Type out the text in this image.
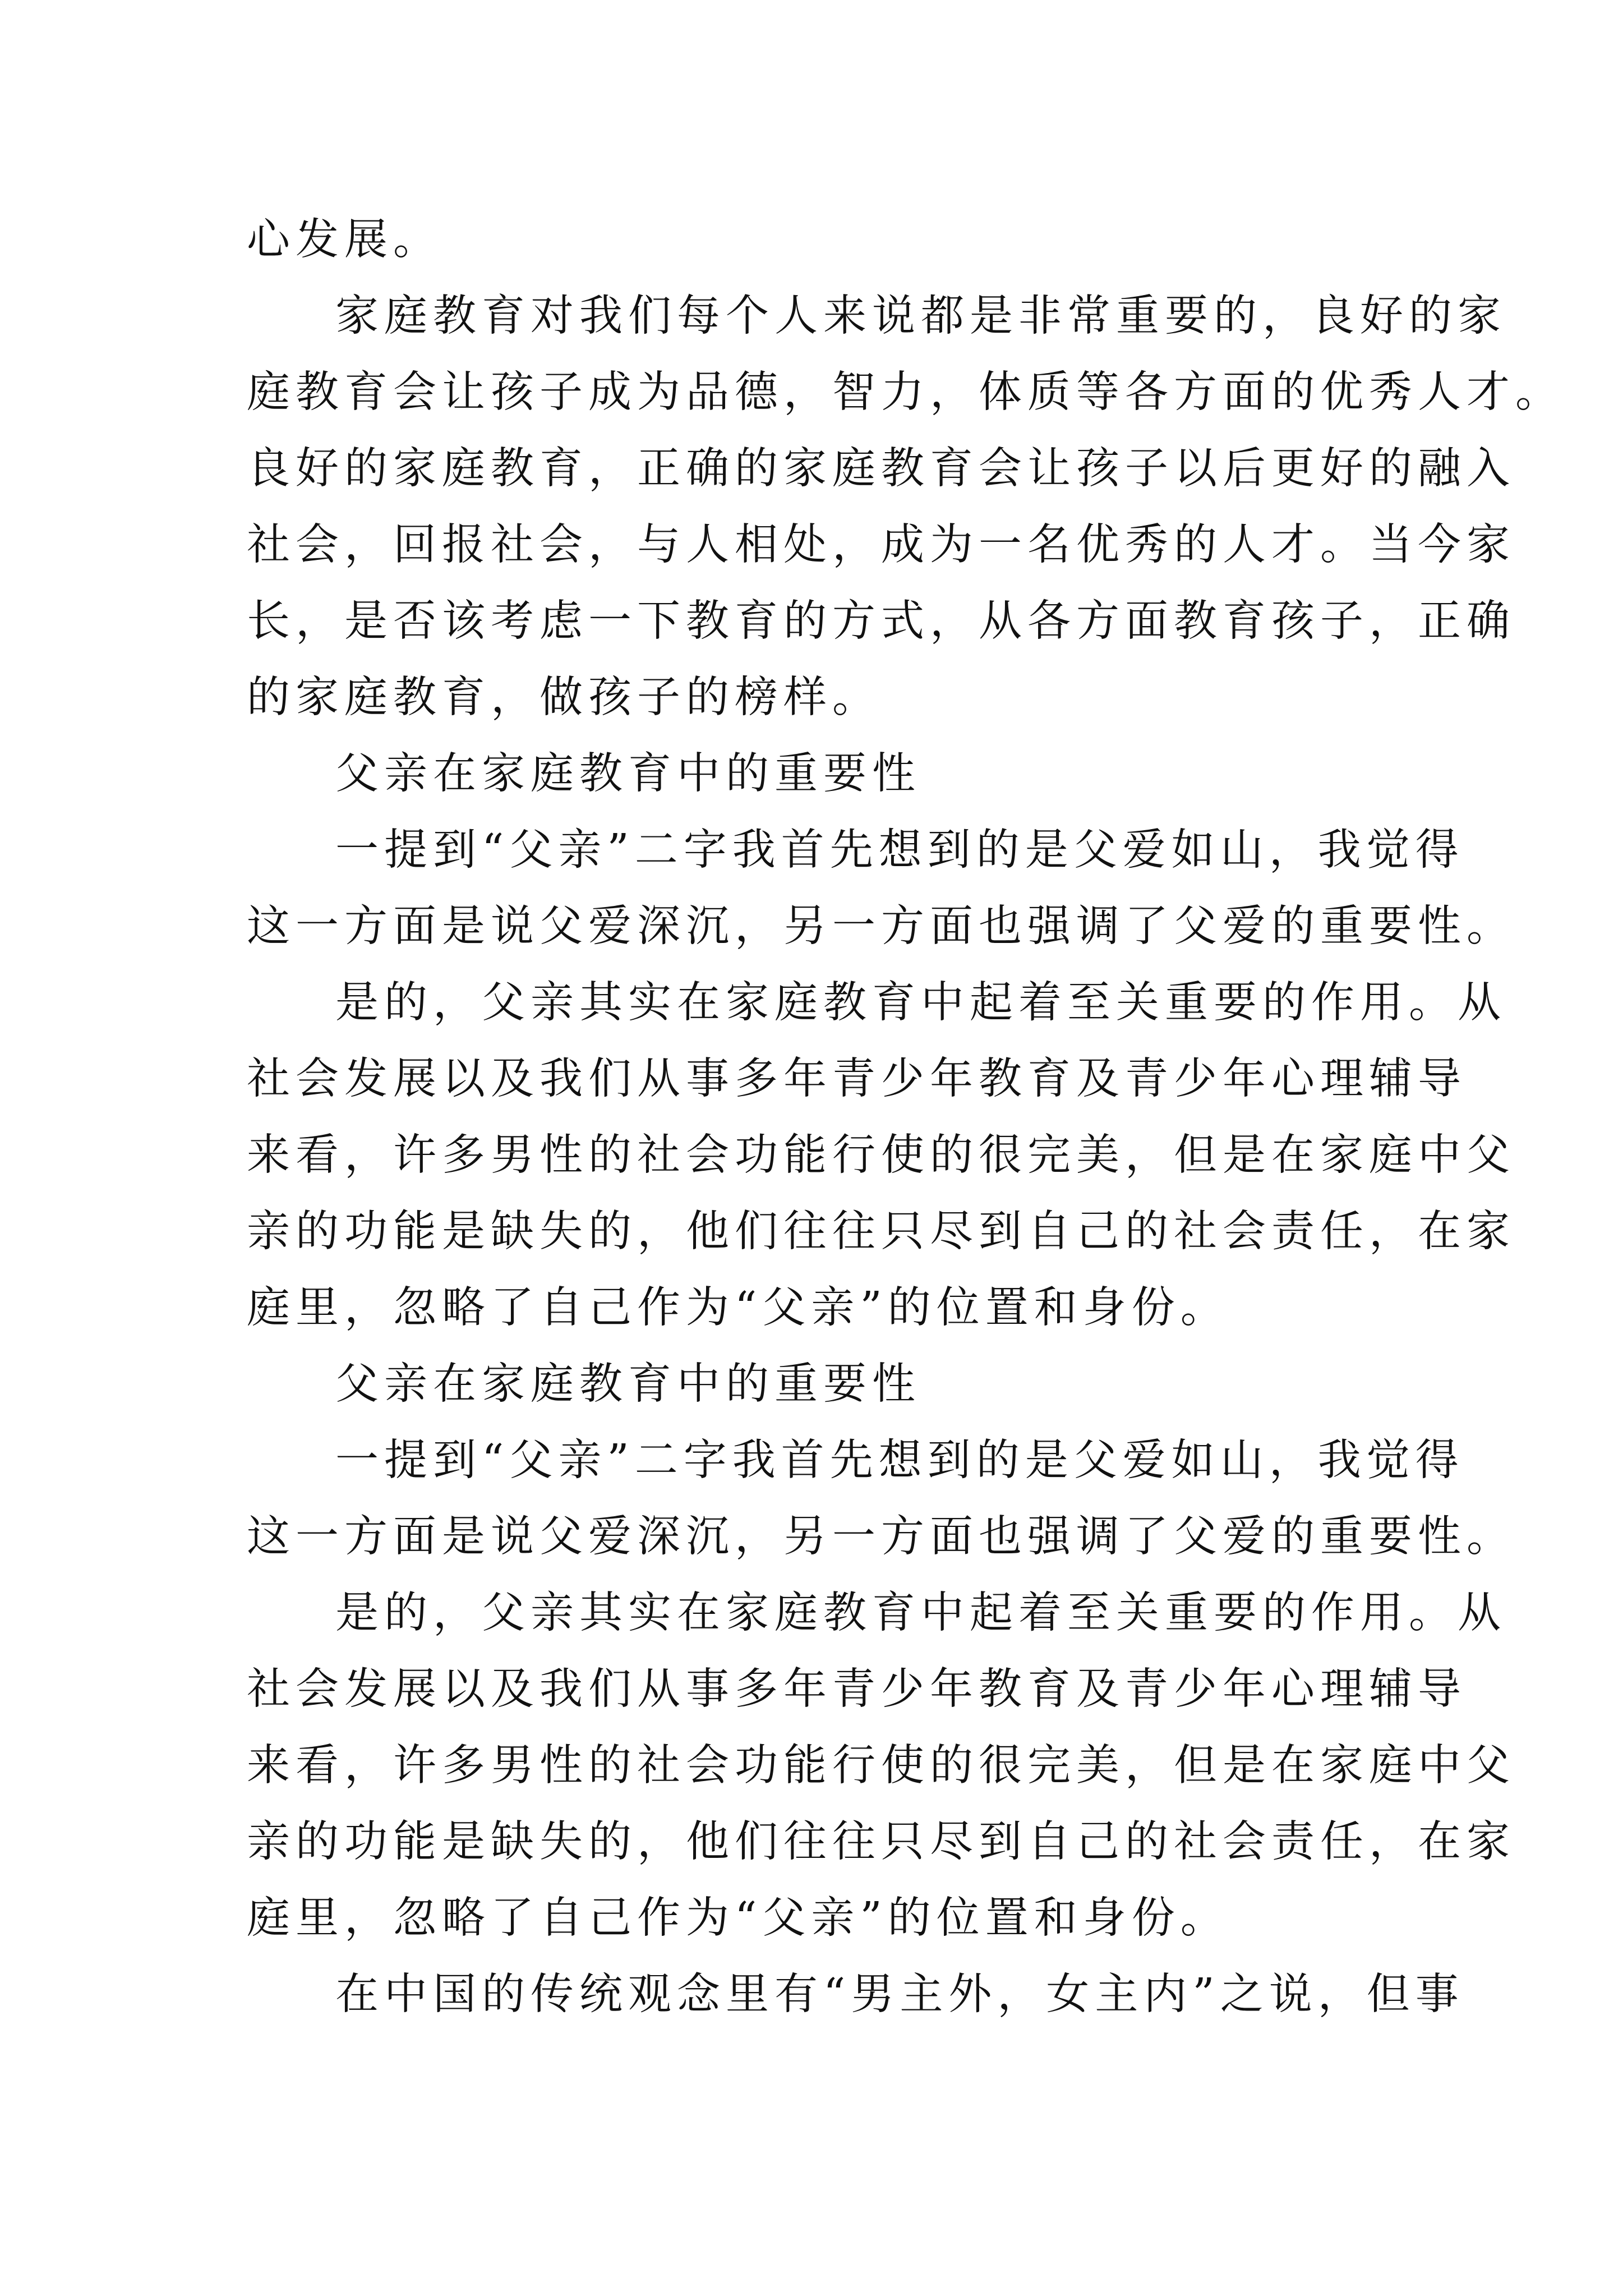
心发展。
家庭教育对我们每个人来说都是非常重要的，良好的家
庭教育会让孩子成为品德，智力，体质等各方面的优秀人才。
良好的家庭教育，正确的家庭教育会让孩子以后更好的融入
社会，回报社会，与人相处，成为一名优秀的人才。当今家
长，是否该考虑一下教育的方式，从各方面教育孩子，正确
的家庭教育，做孩子的榜样。
父亲在家庭教育中的重要性
一提到“父亲”二字我首先想到的是父爱如山，我觉得
这一方面是说父爱深沉，另一方面也强调了父爱的重要性。
是的，父亲其实在家庭教育中起着至关重要的作用。从
社会发展以及我们从事多年青少年教育及青少年心理辅导
来看，许多男性的社会功能行使的很完美，但是在家庭中父
亲的功能是缺失的，他们往往只尽到自己的社会责任，在家
庭里，忽略了自己作为“父亲”的位置和身份。
父亲在家庭教育中的重要性
一提到“父亲”二字我首先想到的是父爱如山，我觉得
这一方面是说父爱深沉，另一方面也强调了父爱的重要性。
是的，父亲其实在家庭教育中起着至关重要的作用。从
社会发展以及我们从事多年青少年教育及青少年心理辅导
来看，许多男性的社会功能行使的很完美，但是在家庭中父
亲的功能是缺失的，他们往往只尽到自己的社会责任，在家
庭里，忽略了自己作为“父亲”的位置和身份。
在中国的传统观念里有“男主外，女主内”之说，但事
